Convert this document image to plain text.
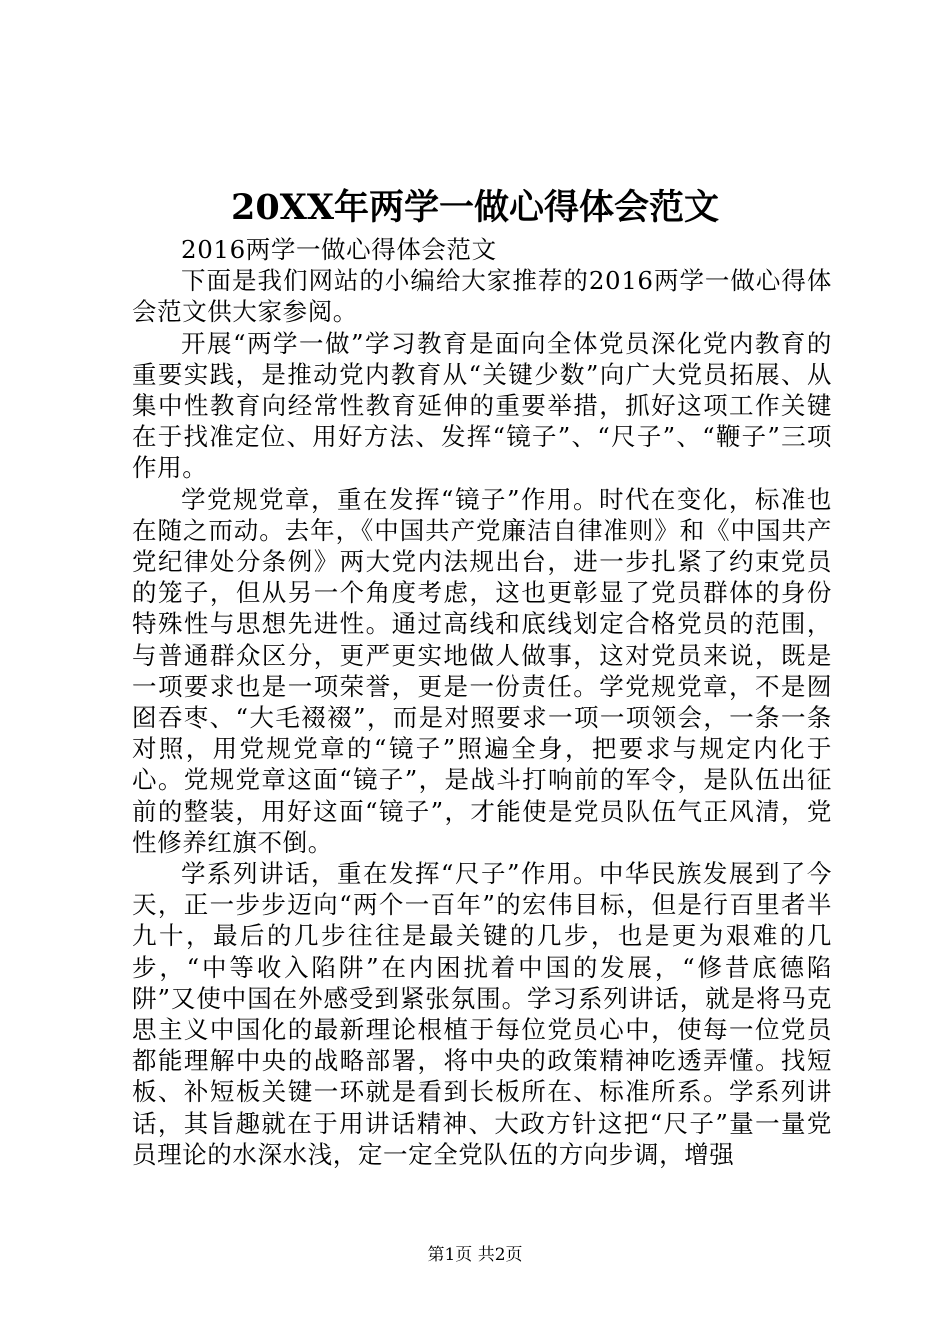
20XX年两学一做心得体会范文

2016两学一做心得体会范文

下面是我们网站的小编给大家推荐的2016两学一做心得体会范文供大家参阅。

开展“两学一做”学习教育是面向全体党员深化党内教育的重要实践，是推动党内教育从“关键少数”向广大党员拓展、从集中性教育向经常性教育延伸的重要举措，抓好这项工作关键在于找准定位、用好方法、发挥“镜子”、“尺子”、“鞭子”三项作用。

学党规党章，重在发挥“镜子”作用。时代在变化，标准也在随之而动。去年，《中国共产党廉洁自律准则》和《中国共产党纪律处分条例》两大党内法规出台，进一步扎紧了约束党员的笼子，但从另一个角度考虑，这也更彰显了党员群体的身份特殊性与思想先进性。通过高线和底线划定合格党员的范围，与普通群众区分，更严更实地做人做事，这对党员来说，既是一项要求也是一项荣誉，更是一份责任。学党规党章，不是囫囵吞枣、“大毛裰裰”，而是对照要求一项一项领会，一条一条对照，用党规党章的“镜子”照遍全身，把要求与规定内化于心。党规党章这面“镜子”，是战斗打响前的军令，是队伍出征前的整装，用好这面“镜子”，才能使是党员队伍气正风清，党性修养红旗不倒。

学系列讲话，重在发挥“尺子”作用。中华民族发展到了今天，正一步步迈向“两个一百年”的宏伟目标，但是行百里者半九十，最后的几步往往是最关键的几步，也是更为艰难的几步，“中等收入陷阱”在内困扰着中国的发展，“修昔底德陷阱”又使中国在外感受到紧张氛围。学习系列讲话，就是将马克思主义中国化的最新理论根植于每位党员心中，使每一位党员都能理解中央的战略部署，将中央的政策精神吃透弄懂。找短板、补短板关键一环就是看到长板所在、标准所系。学系列讲话，其旨趣就在于用讲话精神、大政方针这把“尺子”量一量党员理论的水深水浅，定一定全党队伍的方向步调，增强

第1页 共2页
